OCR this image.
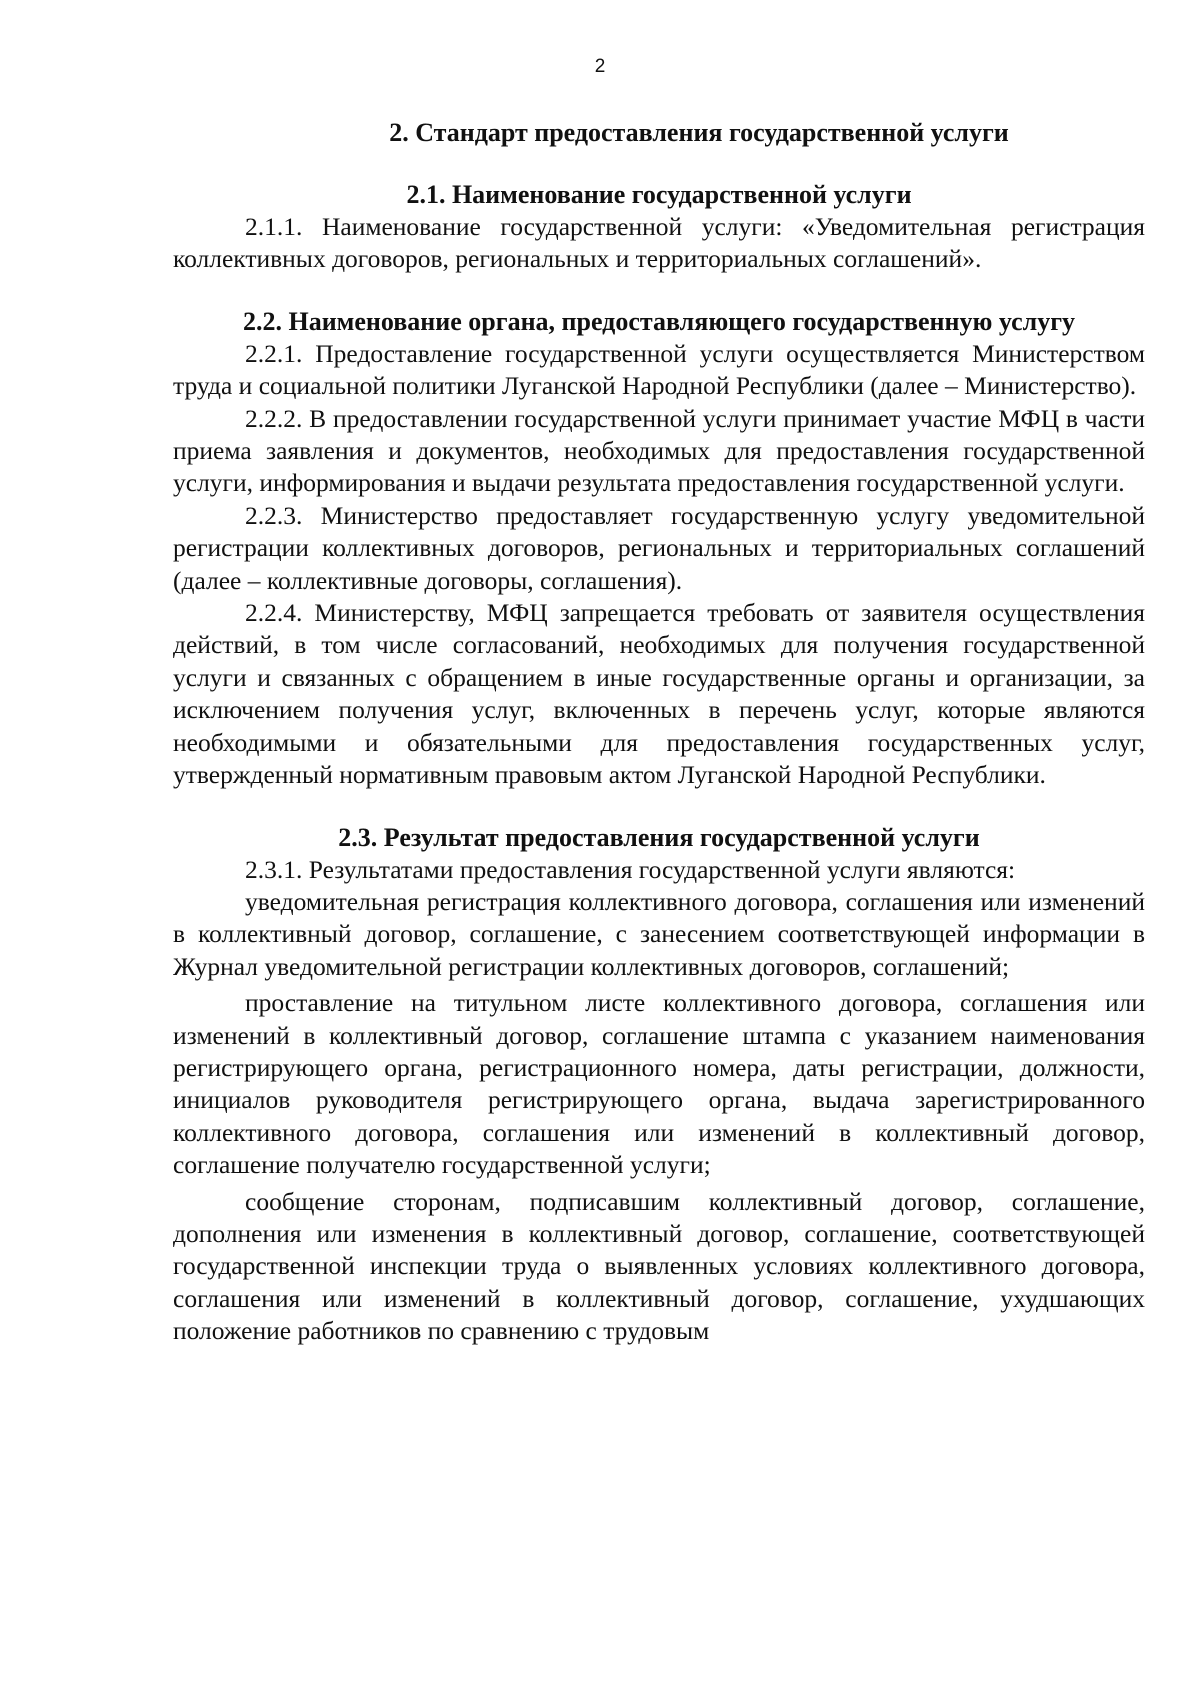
2
2. Стандарт предоставления государственной услуги
2.1. Наименование государственной услуги

2.1.1. Наименование государственной услуги: «Уведомительная регистрация коллективных договоров, региональных и территориальных соглашений».

2.2. Наименование органа, предоставляющего государственную услугу

2.2.1. Предоставление государственной услуги осуществляется Министерством труда и социальной политики Луганской Народной Республики (далее – Министерство).

2.2.2. В предоставлении государственной услуги принимает участие МФЦ в части приема заявления и документов, необходимых для предоставления государственной услуги, информирования и выдачи результата предоставления государственной услуги.

2.2.3. Министерство предоставляет государственную услугу уведомительной регистрации коллективных договоров, региональных и территориальных соглашений (далее – коллективные договоры, соглашения).

2.2.4. Министерству, МФЦ запрещается требовать от заявителя осуществления действий, в том числе согласований, необходимых для получения государственной услуги и связанных с обращением в иные государственные органы и организации, за исключением получения услуг, включенных в перечень услуг, которые являются необходимыми и обязательными для предоставления государственных услуг, утвержденный нормативным правовым актом Луганской Народной Республики.

2.3. Результат предоставления государственной услуги

2.3.1. Результатами предоставления государственной услуги являются:

уведомительная регистрация коллективного договора, соглашения или изменений в коллективный договор, соглашение, с занесением соответствующей информации в Журнал уведомительной регистрации коллективных договоров, соглашений;

проставление на титульном листе коллективного договора, соглашения или изменений в коллективный договор, соглашение штампа с указанием наименования регистрирующего органа, регистрационного номера, даты регистрации, должности, инициалов руководителя регистрирующего органа, выдача зарегистрированного коллективного договора, соглашения или изменений в коллективный договор, соглашение получателю государственной услуги;

сообщение сторонам, подписавшим коллективный договор, соглашение, дополнения или изменения в коллективный договор, соглашение, соответствующей государственной инспекции труда о выявленных условиях коллективного договора, соглашения или изменений в коллективный договор, соглашение, ухудшающих положение работников по сравнению с трудовым
